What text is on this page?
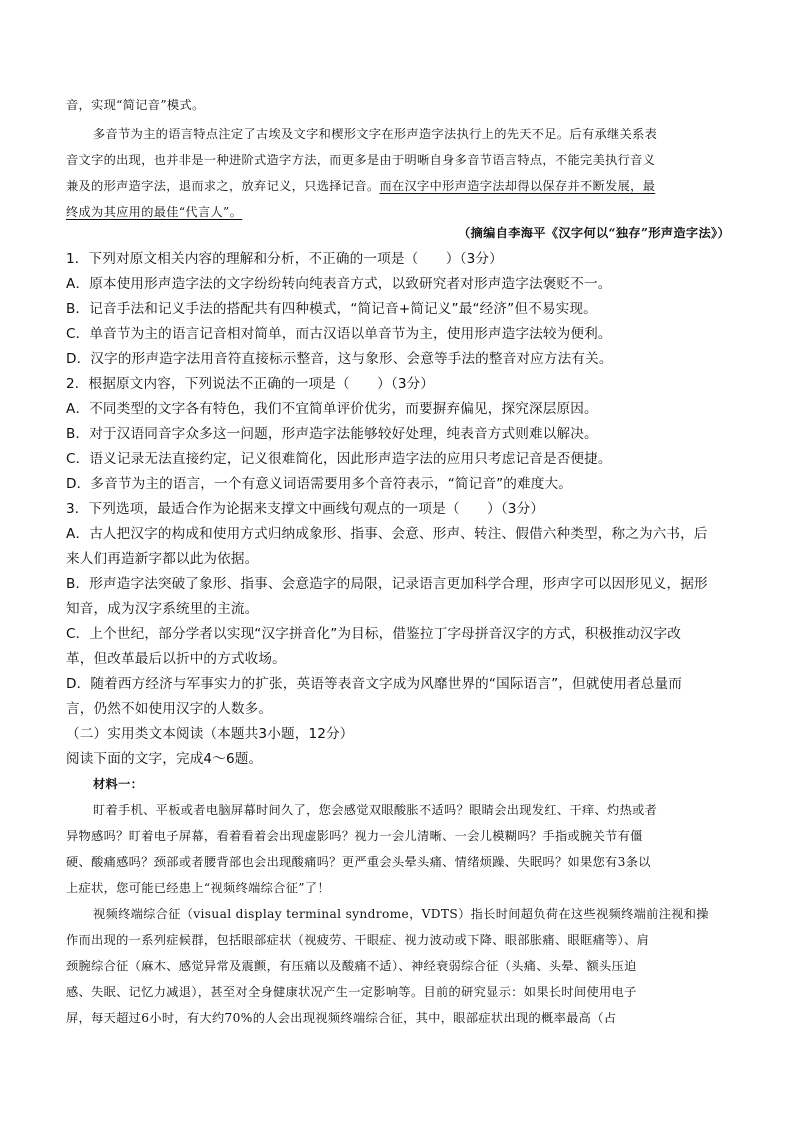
音，实现“简记音”模式。
多音节为主的语言特点注定了古埃及文字和楔形文字在形声造字法执行上的先天不足。后有承继关系表
音文字的出现，也并非是一种进阶式造字方法，而更多是由于明晰自身多音节语言特点，不能完美执行音义
兼及的形声造字法，退而求之，放弃记义，只选择记音。而在汉字中形声造字法却得以保存并不断发展，最
终成为其应用的最佳“代言人”。
（摘编自李海平《汉字何以“独存”形声造字法》）
1．下列对原文相关内容的理解和分析，不正确的一项是（　　）（3分）
A．原本使用形声造字法的文字纷纷转向纯表音方式，以致研究者对形声造字法褒贬不一。
B．记音手法和记义手法的搭配共有四种模式，“简记音+简记义”最“经济”但不易实现。
C．单音节为主的语言记音相对简单，而古汉语以单音节为主，使用形声造字法较为便利。
D．汉字的形声造字法用音符直接标示整音，这与象形、会意等手法的整音对应方法有关。
2．根据原文内容，下列说法不正确的一项是（　　）（3分）
A．不同类型的文字各有特色，我们不宜简单评价优劣，而要摒弃偏见，探究深层原因。
B．对于汉语同音字众多这一问题，形声造字法能够较好处理，纯表音方式则难以解决。
C．语义记录无法直接约定，记义很难简化，因此形声造字法的应用只考虑记音是否便捷。
D．多音节为主的语言，一个有意义词语需要用多个音符表示，“简记音”的难度大。
3．下列选项，最适合作为论据来支撑文中画线句观点的一项是（　　）（3分）
A．古人把汉字的构成和使用方式归纳成象形、指事、会意、形声、转注、假借六种类型，称之为六书，后
来人们再造新字都以此为依据。
B．形声造字法突破了象形、指事、会意造字的局限，记录语言更加科学合理，形声字可以因形见义，据形
知音，成为汉字系统里的主流。
C．上个世纪，部分学者以实现“汉字拼音化”为目标，借鉴拉丁字母拼音汉字的方式，积极推动汉字改
革，但改革最后以折中的方式收场。
D．随着西方经济与军事实力的扩张，英语等表音文字成为风靡世界的“国际语言”，但就使用者总量而
言，仍然不如使用汉字的人数多。
（二）实用类文本阅读（本题共3小题，12分）
阅读下面的文字，完成4～6题。
材料一：
盯着手机、平板或者电脑屏幕时间久了，您会感觉双眼酸胀不适吗？眼睛会出现发红、干痒、灼热或者
异物感吗？盯着电子屏幕，看着看着会出现虚影吗？视力一会儿清晰、一会儿模糊吗？手指或腕关节有僵
硬、酸痛感吗？颈部或者腰背部也会出现酸痛吗？更严重会头晕头痛、情绪烦躁、失眠吗？如果您有3条以
上症状，您可能已经患上“视频终端综合征”了！
视频终端综合征（visual display terminal syndrome，VDTS）指长时间超负荷在这些视频终端前注视和操
作而出现的一系列症候群，包括眼部症状（视疲劳、干眼症、视力波动或下降、眼部胀痛、眼眶痛等）、肩
颈腕综合征（麻木、感觉异常及震颤，有压痛以及酸痛不适）、神经衰弱综合征（头痛、头晕、额头压迫
感、失眠、记忆力减退），甚至对全身健康状况产生一定影响等。目前的研究显示：如果长时间使用电子
屏，每天超过6小时，有大约70%的人会出现视频终端综合征，其中，眼部症状出现的概率最高（占
